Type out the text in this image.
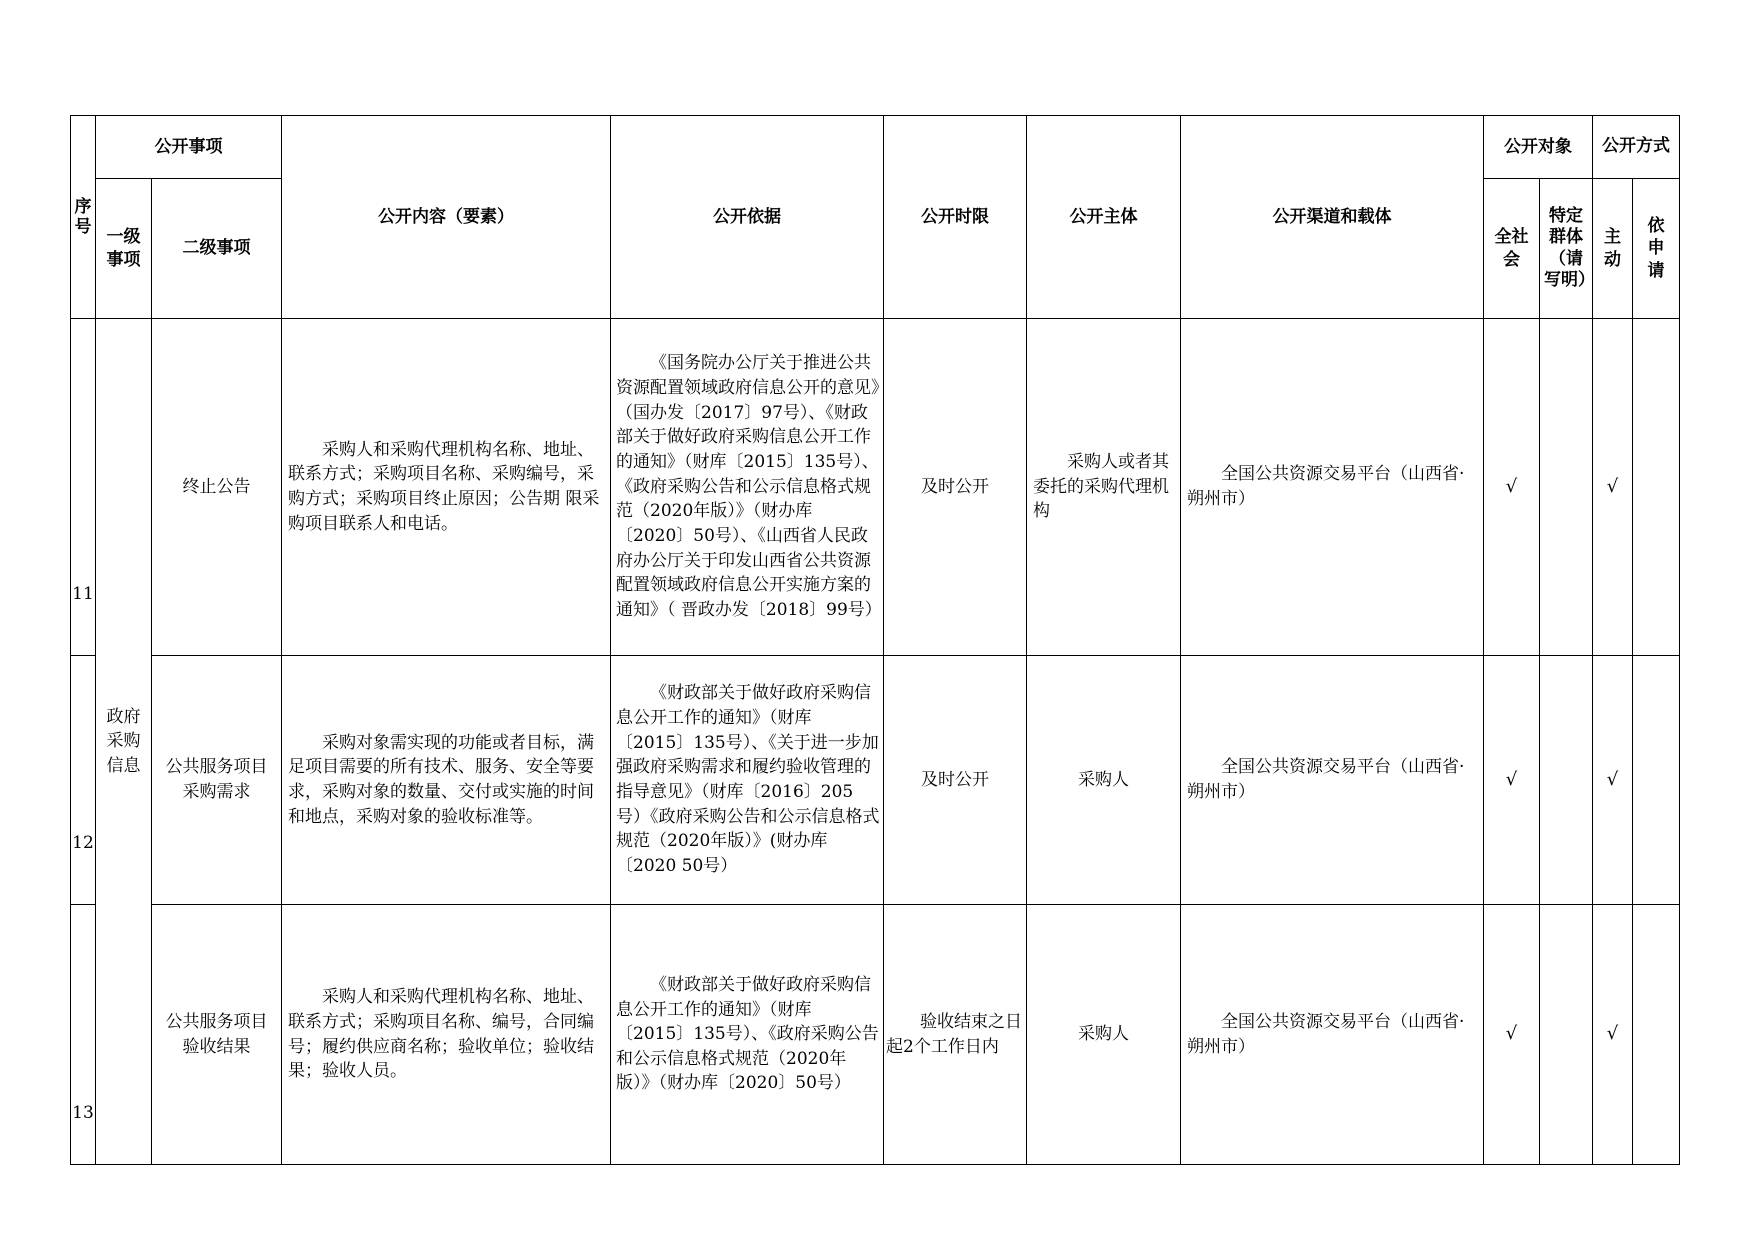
序号	公开事项		公开内容（要素）	公开依据	公开时限	公开主体	公开渠道和载体	公开对象		公开方式	
	一级事项	二级事项						全社会	特定群体（请写明）	主动	依申请

11	政府采购信息	终止公告	采购人和采购代理机构名称、地址、联系方式；采购项目名称、采购编号，采购方式；采购项目终止原因；公告期 限采购项目联系人和电话。	《国务院办公厅关于推进公共资源配置领域政府信息公开的意见》（国办发〔2017〕97号）、《财政部关于做好政府采购信息公开工作的通知》（财库〔2015〕135号）、《政府采购公告和公示信息格式规范（2020年版）》（财办库〔2020〕50号）、《山西省人民政府办公厅关于印发山西省公共资源配置领域政府信息公开实施方案的通知》（ 晋政办发〔2018〕99号）	及时公开	采购人或者其委托的采购代理机构	全国公共资源交易平台（山西省·朔州市）	√		√	

12		公共服务项目采购需求	采购对象需实现的功能或者目标，满足项目需要的所有技术、服务、安全等要求，采购对象的数量、交付或实施的时间和地点，采购对象的验收标准等。	《财政部关于做好政府采购信息公开工作的通知》（财库〔2015〕135号）、《关于进一步加强政府采购需求和履约验收管理的指导意见》（财库〔2016〕205 号）《政府采购公告和公示信息格式规范（2020年版）》(财办库〔2020 50号）	及时公开	采购人	全国公共资源交易平台（山西省·朔州市）	√		√	

13		公共服务项目验收结果	采购人和采购代理机构名称、地址、联系方式；采购项目名称、编号，合同编号；履约供应商名称；验收单位；验收结果；验收人员。	《财政部关于做好政府采购信息公开工作的通知》（财库〔2015〕135号）、《政府采购公告和公示信息格式规范（2020年版）》（财办库〔2020〕50号）	验收结束之日起2个工作日内	采购人	全国公共资源交易平台（山西省·朔州市）	√		√	
